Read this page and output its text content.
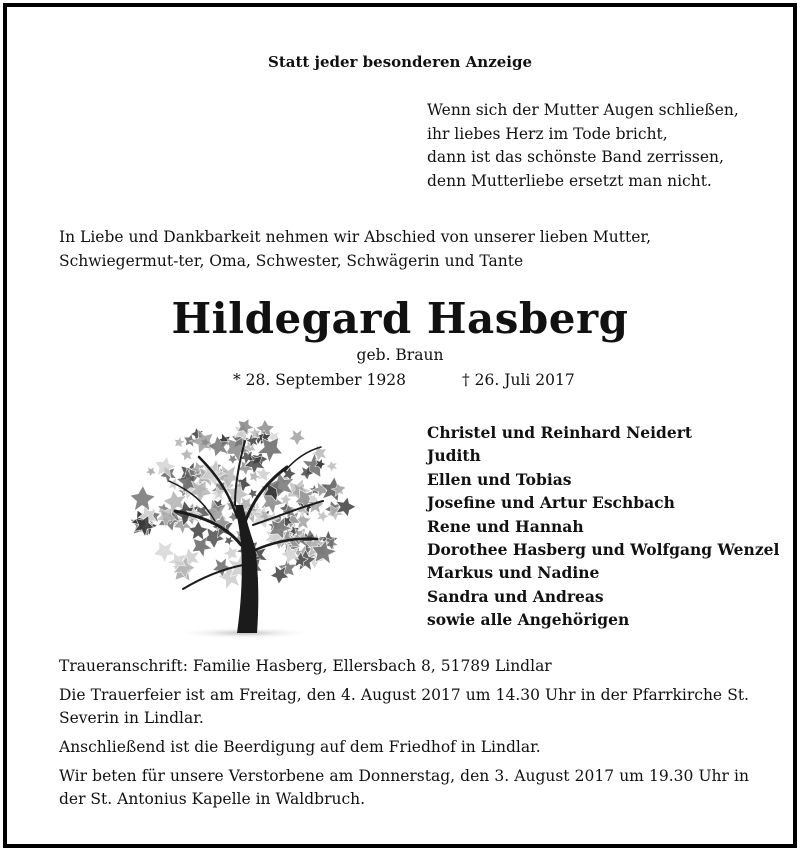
Statt jeder besonderen Anzeige
Wenn sich der Mutter Augen schließen,
ihr liebes Herz im Tode bricht,
dann ist das schönste Band zerrissen,
denn Mutterliebe ersetzt man nicht.
In Liebe und Dankbarkeit nehmen wir Abschied von unserer lieben Mutter, Schwiegermut-ter, Oma, Schwester, Schwägerin und Tante
Hildegard Hasberg
geb. Braun
* 28. September 1928	† 26. Juli 2017
Christel und Reinhard Neidert
Judith
Ellen und Tobias
Josefine und Artur Eschbach
Rene und Hannah
Dorothee Hasberg und Wolfgang Wenzel
Markus und Nadine
Sandra und Andreas
sowie alle Angehörigen

Traueranschrift: Familie Hasberg, Ellersbach 8, 51789 Lindlar

Die Trauerfeier ist am Freitag, den 4. August 2017 um 14.30 Uhr in der Pfarrkirche St. Severin in Lindlar.

Anschließend ist die Beerdigung auf dem Friedhof in Lindlar.

Wir beten für unsere Verstorbene am Donnerstag, den 3. August 2017 um 19.30 Uhr in der St. Antonius Kapelle in Waldbruch.
